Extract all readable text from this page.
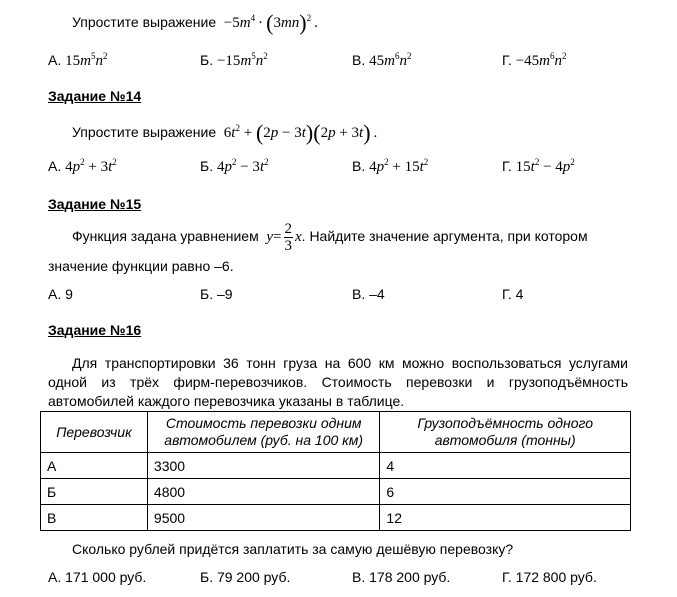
Упростите выражение  $-5m^4 \cdot (3mn)^2$ .
А. $15m^5n^2$	Б. $-15m^5n^2$	В. $45m^6n^2$	Г. $-45m^6n^2$
Задание №14
Упростите выражение  $6t^2 + (2p - 3t)(2p + 3t)$ .
А. $4p^2 + 3t^2$	Б. $4p^2 - 3t^2$	В. $4p^2 + 15t^2$	Г. $15t^2 - 4p^2$
Задание №15
Функция задана уравнением  $y= \frac{2}{3} x$. Найдите значение аргумента, при котором
значение функции равно –6.
А. 9	Б. –9	В. –4	Г. 4
Задание №16
Для транспортировки 36 тонн груза на 600 км можно воспользоваться услугами
одной из трёх фирм-перевозчиков. Стоимость перевозки и грузоподъёмность
автомобилей каждого перевозчика указаны в таблице.
Перевозчик	Стоимость перевозки одним автомобилем (руб. на 100 км)	Грузоподъёмность одного автомобиля (тонны)
А	3300	4
Б	4800	6
В	9500	12
Сколько рублей придётся заплатить за самую дешёвую перевозку?
А. 171 000 руб.	Б. 79 200 руб.	В. 178 200 руб.	Г. 172 800 руб.
